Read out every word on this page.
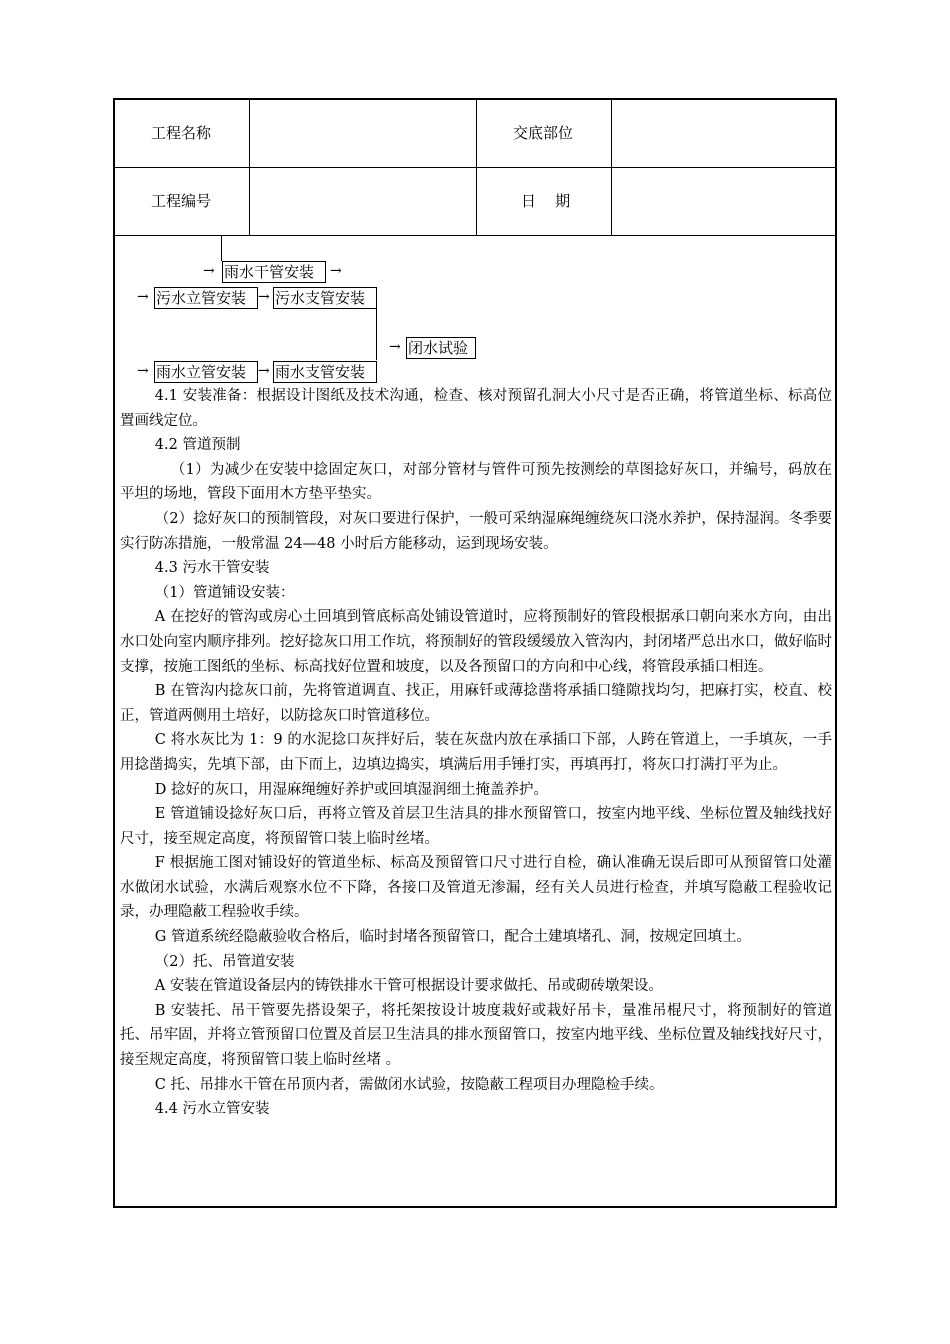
工程名称	交底部位
工程编号	日    期
→ 雨水干管安装	→
→ 污水立管安装 → 污水支管安装
→ 闭水试验
→ 雨水立管安装 → 雨水支管安装

4.1 安装准备：根据设计图纸及技术沟通，检查、核对预留孔洞大小尺寸是否正确，将管道坐标、标高位置画线定位。

4.2 管道预制

（1）为减少在安装中捻固定灰口，对部分管材与管件可预先按测绘的草图捻好灰口，并编号，码放在平坦的场地，管段下面用木方垫平垫实。

（2）捻好灰口的预制管段，对灰口要进行保护，一般可采纳湿麻绳缠绕灰口浇水养护，保持湿润。冬季要实行防冻措施，一般常温 24—48 小时后方能移动，运到现场安装。

4.3 污水干管安装

（1）管道铺设安装：

A 在挖好的管沟或房心土回填到管底标高处铺设管道时，应将预制好的管段根据承口朝向来水方向，由出水口处向室内顺序排列。挖好捻灰口用工作坑，将预制好的管段缓缓放入管沟内，封闭堵严总出水口，做好临时支撑，按施工图纸的坐标、标高找好位置和坡度，以及各预留口的方向和中心线，将管段承插口相连。

B 在管沟内捻灰口前，先将管道调直、找正，用麻钎或薄捻凿将承插口缝隙找均匀，把麻打实，校直、校正，管道两侧用土培好，以防捻灰口时管道移位。

C 将水灰比为 1：9 的水泥捻口灰拌好后，装在灰盘内放在承插口下部，人跨在管道上，一手填灰，一手用捻凿捣实，先填下部，由下而上，边填边捣实，填满后用手锤打实，再填再打，将灰口打满打平为止。

D 捻好的灰口，用湿麻绳缠好养护或回填湿润细土掩盖养护。

E 管道铺设捻好灰口后，再将立管及首层卫生洁具的排水预留管口，按室内地平线、坐标位置及轴线找好尺寸，接至规定高度，将预留管口装上临时丝堵。

F 根据施工图对铺设好的管道坐标、标高及预留管口尺寸进行自检，确认准确无误后即可从预留管口处灌水做闭水试验，水满后观察水位不下降，各接口及管道无渗漏，经有关人员进行检查，并填写隐蔽工程验收记录，办理隐蔽工程验收手续。

G 管道系统经隐蔽验收合格后，临时封堵各预留管口，配合土建填堵孔、洞，按规定回填土。

（2）托、吊管道安装

A 安装在管道设备层内的铸铁排水干管可根据设计要求做托、吊或砌砖墩架设。

B 安装托、吊干管要先搭设架子，将托架按设计坡度栽好或栽好吊卡，量准吊棍尺寸，将预制好的管道托、吊牢固，并将立管预留口位置及首层卫生洁具的排水预留管口，按室内地平线、坐标位置及轴线找好尺寸，接至规定高度，将预留管口装上临时丝堵 。

C 托、吊排水干管在吊顶内者，需做闭水试验，按隐蔽工程项目办理隐检手续。

4.4 污水立管安装
